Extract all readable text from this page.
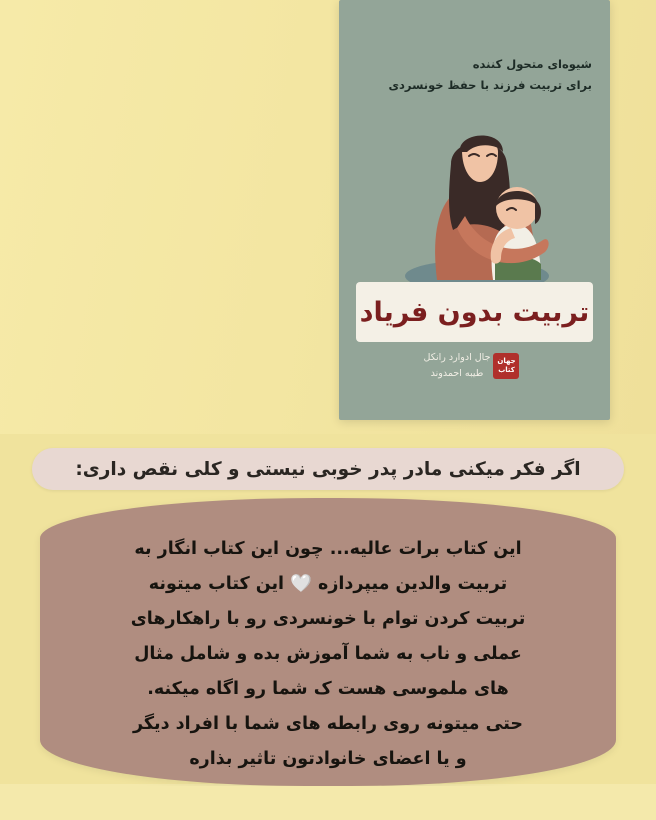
شیوه‌ای متحول کننده
برای تربیت فرزند با حفظ خونسردی
تربیت بدون فریاد
جهان
کتاب جال ادوارد رانکل
طیبه احمدوند
اگر فکر میکنی مادر پدر خوبی نیستی و کلی نقص داری:
این کتاب برات عالیه... چون این کتاب انگار به
تربیت والدین میپردازه 🤍 این کتاب میتونه
تربیت کردن توام با خونسردی رو با راهکارهای
عملی و ناب به شما آموزش بده و شامل مثال
های ملموسی هست ک شما رو اگاه میکنه.
حتی میتونه روی رابطه های شما با افراد دیگر
و یا اعضای خانوادتون تاثیر بذاره
